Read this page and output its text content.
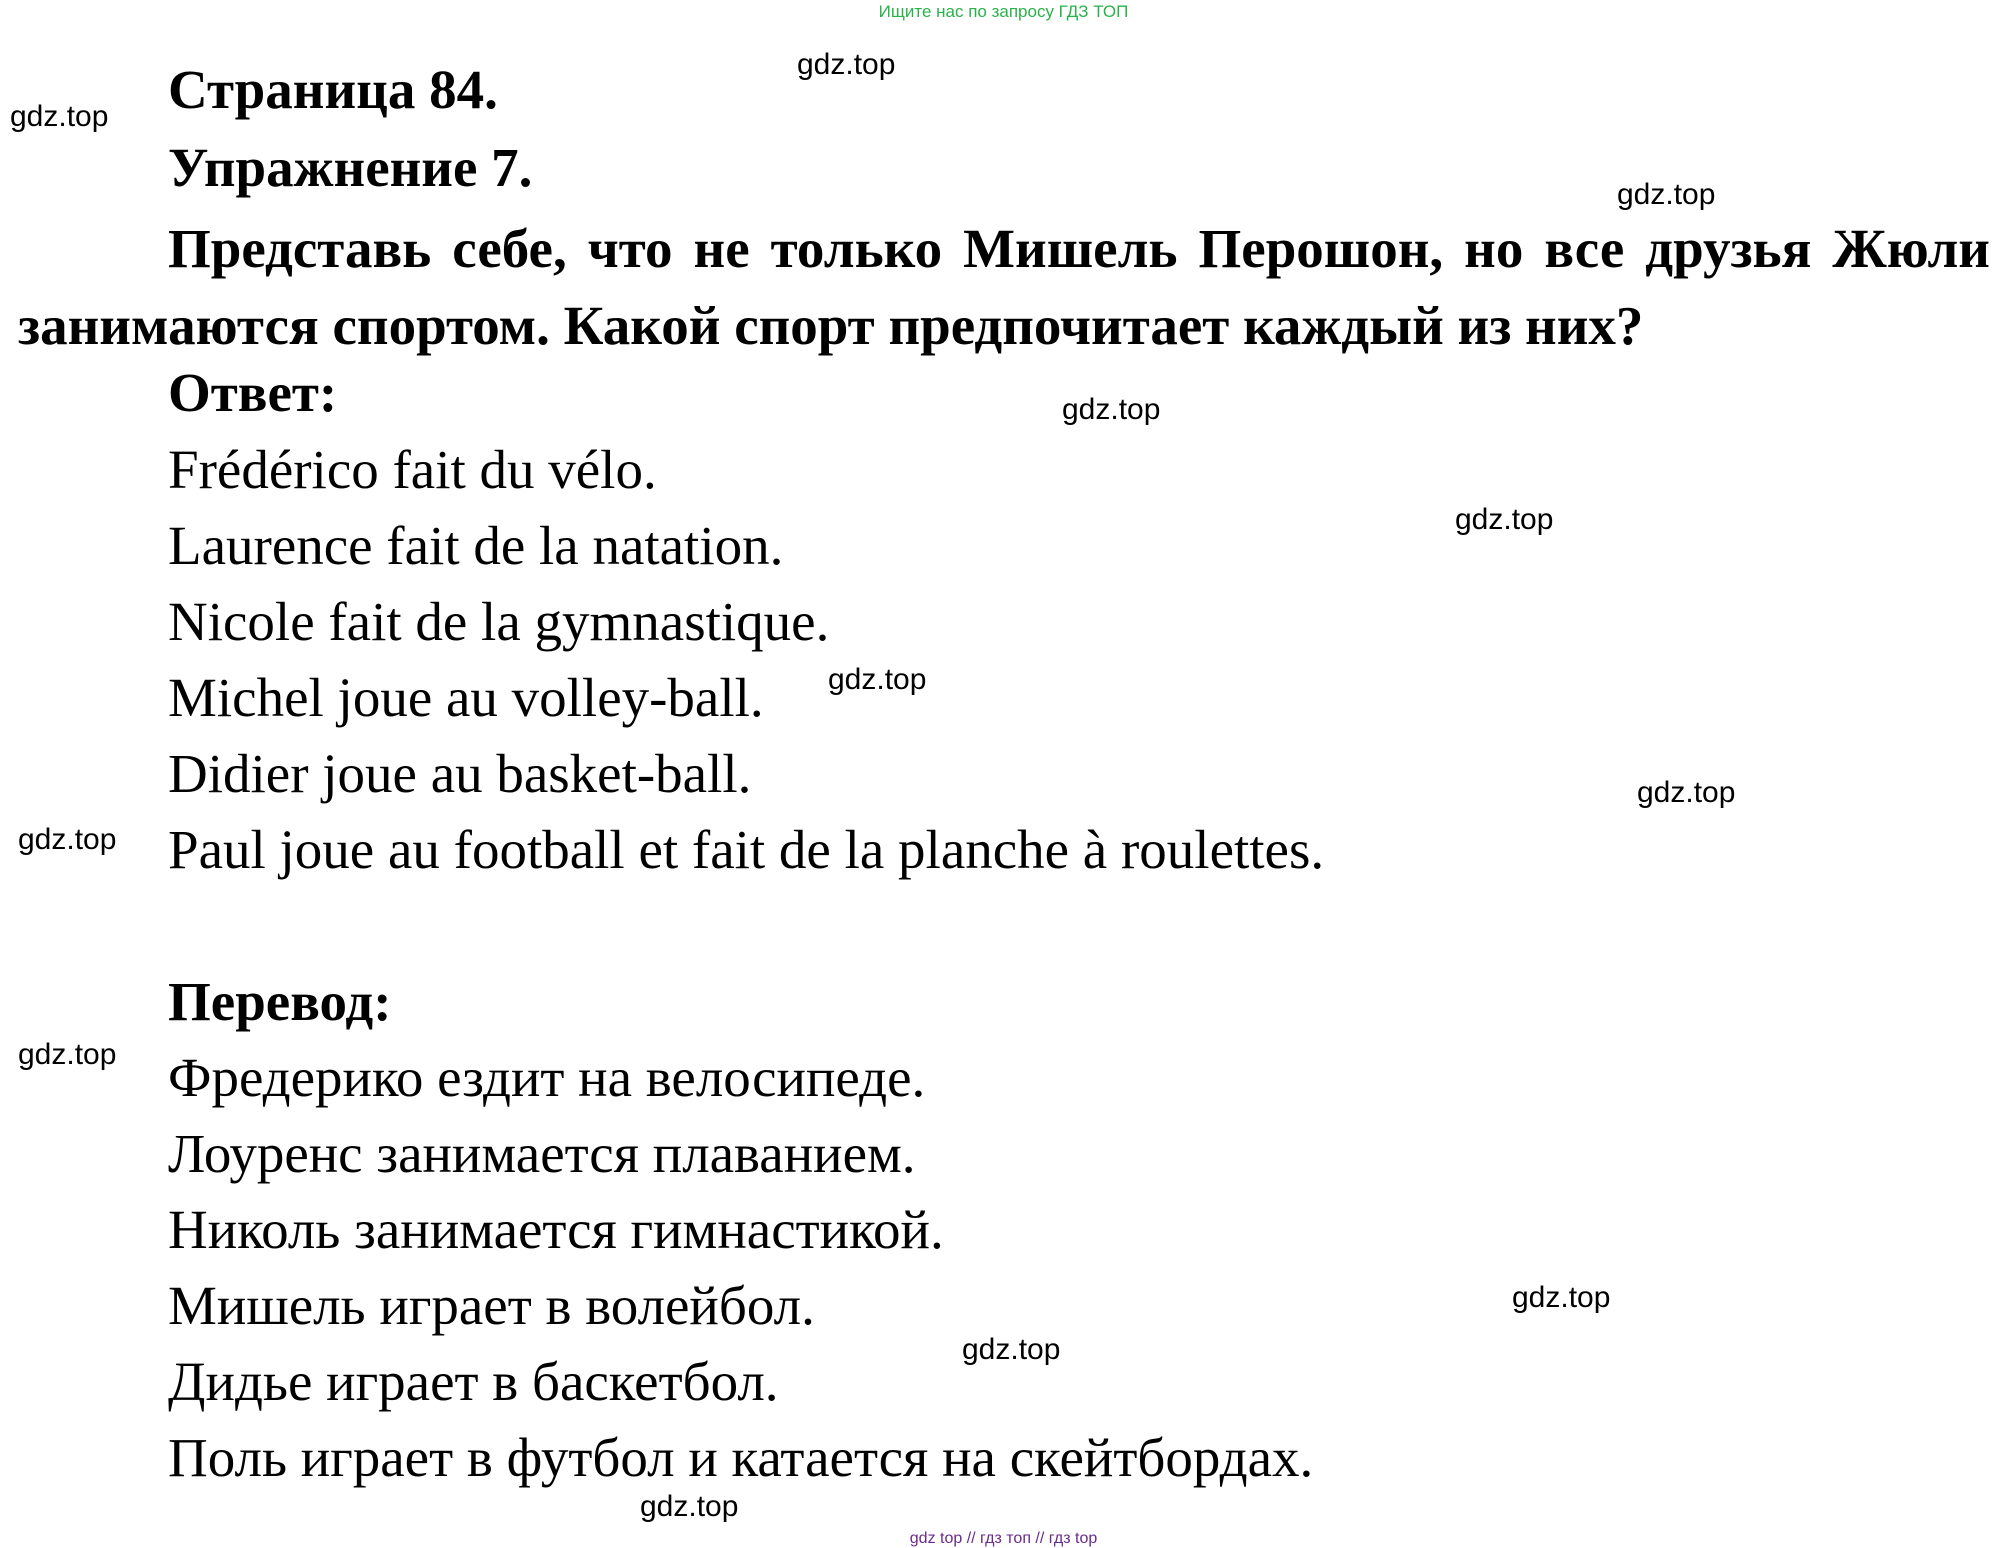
Ищите нас по запросу ГДЗ ТОП
Страница 84.
Упражнение 7.
Представь себе, что не только Мишель Перошон, но все друзья Жюли занимаются спортом. Какой спорт предпочитает каждый из них?
Ответ:
Frédérico fait du vélo.
Laurence fait de la natation.
Nicole fait de la gymnastique.
Michel joue au volley-ball.
Didier joue au basket-ball.
Paul joue au football et fait de la planche à roulettes.
Перевод:
Фредерико ездит на велосипеде.
Лоуренс занимается плаванием.
Николь занимается гимнастикой.
Мишель играет в волейбол.
Дидье играет в баскетбол.
Поль играет в футбол и катается на скейтбордах.
gdz.top
gdz.top
gdz.top
gdz.top
gdz.top
gdz.top
gdz.top
gdz.top
gdz.top
gdz.top
gdz.top
gdz.top
gdz top // гдз топ // гдз top
